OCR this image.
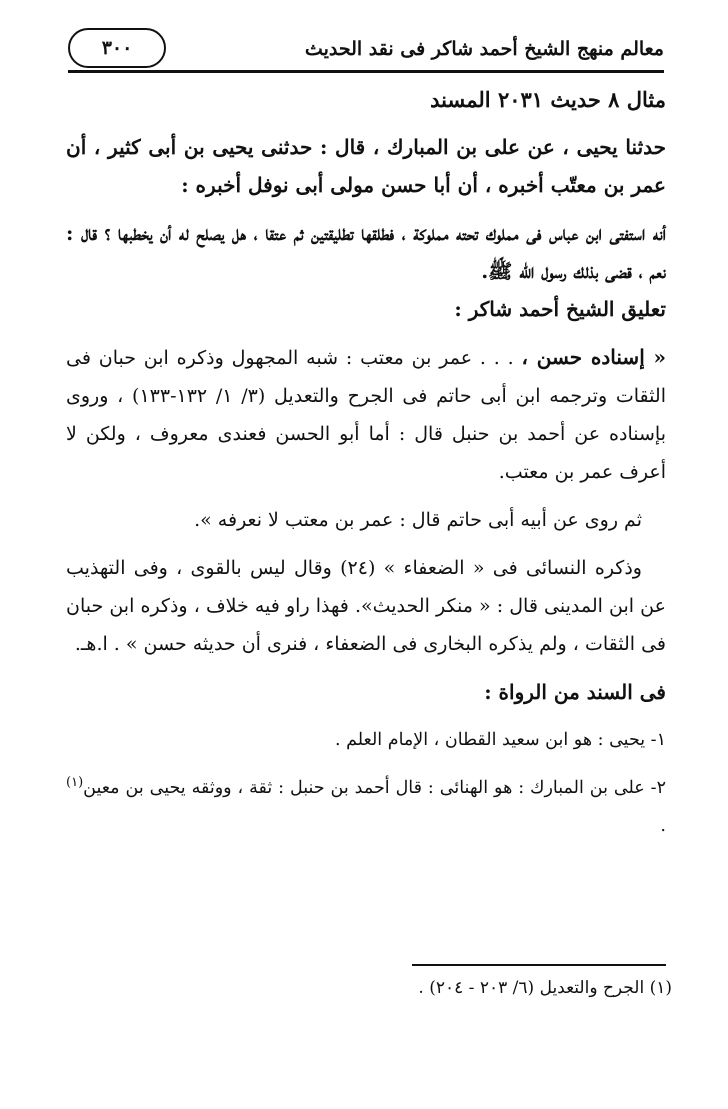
٣٠٠	معالم منهج الشيخ أحمد شاكر فى نقد الحديث

مثال ٨ حديث ٢٠٣١ المسند

حدثنا يحيى ، عن على بن المبارك ، قال : حدثنى يحيى بن أبى كثير ، أن عمر بن معتّب أخبره ، أن أبا حسن مولى أبى نوفل أخبره :

أنه استفتى ابن عباس فى مملوك تحته مملوكة ، فطلقها تطليقتين ثم عتقا ، هل يصلح له أن يخطبها ؟ قال : نعم ، قضى بذلك رسول الله ﷺ.

تعليق الشيخ أحمد شاكر :

« إسناده حسن ، . . . عمر بن معتب : شبه المجهول وذكره ابن حبان فى الثقات وترجمه ابن أبى حاتم فى الجرح والتعديل (٣/ ١/ ١٣٢-١٣٣) ، وروى بإسناده عن أحمد بن حنبل قال : أما أبو الحسن فعندى معروف ، ولكن لا أعرف عمر بن معتب.

ثم روى عن أبيه أبى حاتم قال : عمر بن معتب لا نعرفه ».

وذكره النسائى فى « الضعفاء » (٢٤) وقال ليس بالقوى ، وفى التهذيب عن ابن المدينى قال : « منكر الحديث». فهذا راو فيه خلاف ، وذكره ابن حبان فى الثقات ، ولم يذكره البخارى فى الضعفاء ، فنرى أن حديثه حسن » . ا.هـ.

فى السند من الرواة :

١- يحيى : هو ابن سعيد القطان ، الإمام العلم .

٢- على بن المبارك : هو الهنائى : قال أحمد بن حنبل : ثقة ، ووثقه يحيى بن معين$^{(١)}$ .

(١) الجرح والتعديل (٦/ ٢٠٣ - ٢٠٤) .
